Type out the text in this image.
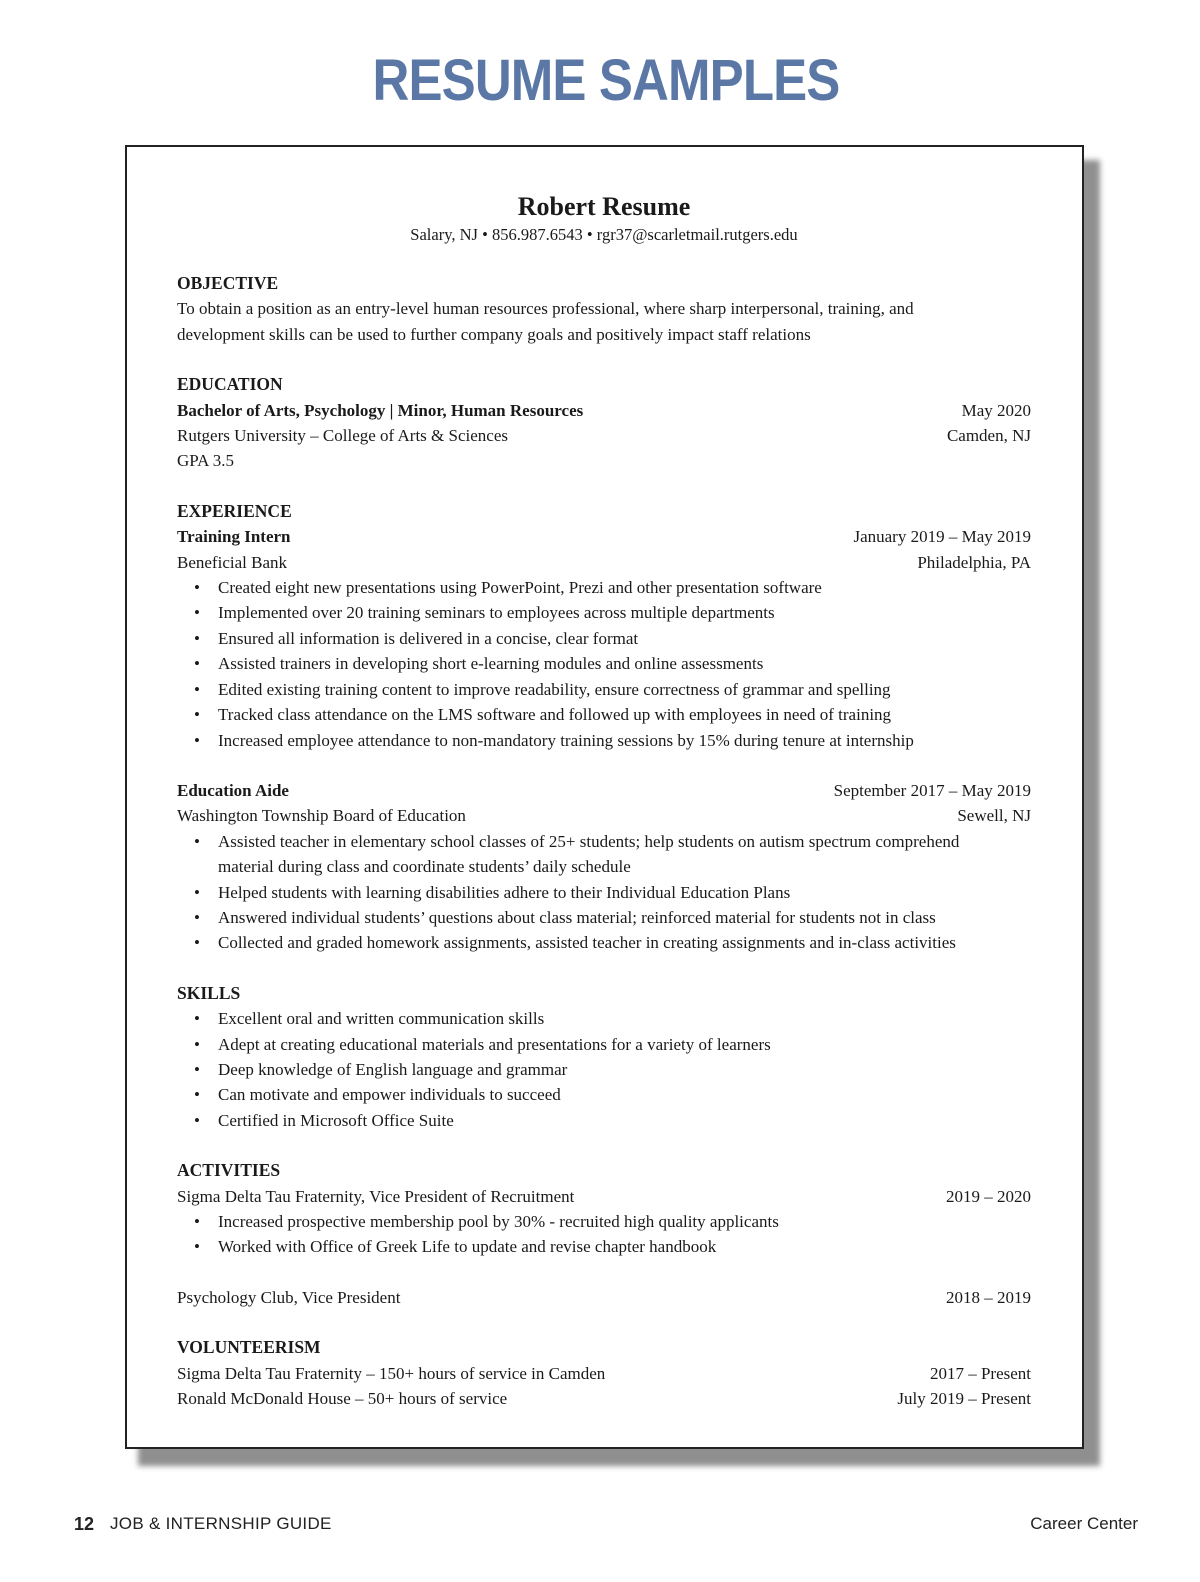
RESUME SAMPLES

Robert Resume

Salary, NJ • 856.987.6543 • rgr37@scarletmail.rutgers.edu

OBJECTIVE

To obtain a position as an entry-level human resources professional, where sharp interpersonal, training, and
development skills can be used to further company goals and positively impact staff relations

EDUCATION

Bachelor of Arts, Psychology | Minor, Human Resources	May 2020
Rutgers University – College of Arts & Sciences	Camden, NJ
GPA 3.5

EXPERIENCE

Training Intern	January 2019 – May 2019
Beneficial Bank	Philadelphia, PA
• Created eight new presentations using PowerPoint, Prezi and other presentation software
• Implemented over 20 training seminars to employees across multiple departments
• Ensured all information is delivered in a concise, clear format
• Assisted trainers in developing short e-learning modules and online assessments
• Edited existing training content to improve readability, ensure correctness of grammar and spelling
• Tracked class attendance on the LMS software and followed up with employees in need of training
• Increased employee attendance to non-mandatory training sessions by 15% during tenure at internship
Education Aide	September 2017 – May 2019
Washington Township Board of Education	Sewell, NJ
• Assisted teacher in elementary school classes of 25+ students; help students on autism spectrum comprehend material during class and coordinate students’ daily schedule
• Helped students with learning disabilities adhere to their Individual Education Plans
• Answered individual students’ questions about class material; reinforced material for students not in class
• Collected and graded homework assignments, assisted teacher in creating assignments and in-class activities

SKILLS

• Excellent oral and written communication skills
• Adept at creating educational materials and presentations for a variety of learners
• Deep knowledge of English language and grammar
• Can motivate and empower individuals to succeed
• Certified in Microsoft Office Suite

ACTIVITIES

Sigma Delta Tau Fraternity, Vice President of Recruitment	2019 – 2020
• Increased prospective membership pool by 30% - recruited high quality applicants
• Worked with Office of Greek Life to update and revise chapter handbook
Psychology Club, Vice President	2018 – 2019

VOLUNTEERISM

Sigma Delta Tau Fraternity – 150+ hours of service in Camden	2017 – Present
Ronald McDonald House – 50+ hours of service	July 2019 – Present
12 JOB & INTERNSHIP GUIDE	Career Center
